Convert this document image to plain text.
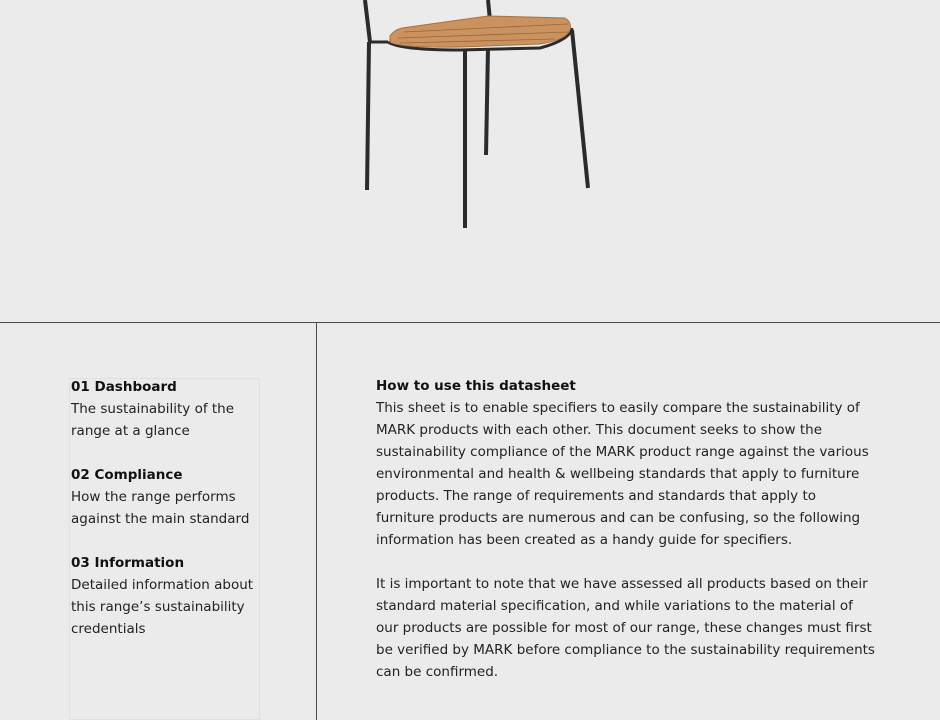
01 Dashboard
The sustainability of the range at a glance
02 Compliance
How the range performs against the main standard
03 Information
Detailed information about this range’s sustainability credentials
How to use this datasheet

This sheet is to enable specifiers to easily compare the sustainability of MARK products with each other. This document seeks to show the sustainability compliance of the MARK product range against the various environmental and health & wellbeing standards that apply to furniture products. The range of requirements and standards that apply to furniture products are numerous and can be confusing, so the following information has been created as a handy guide for specifiers.

It is important to note that we have assessed all products based on their standard material specification, and while variations to the material of our products are possible for most of our range, these changes must first be verified by MARK before compliance to the sustainability requirements can be confirmed.
